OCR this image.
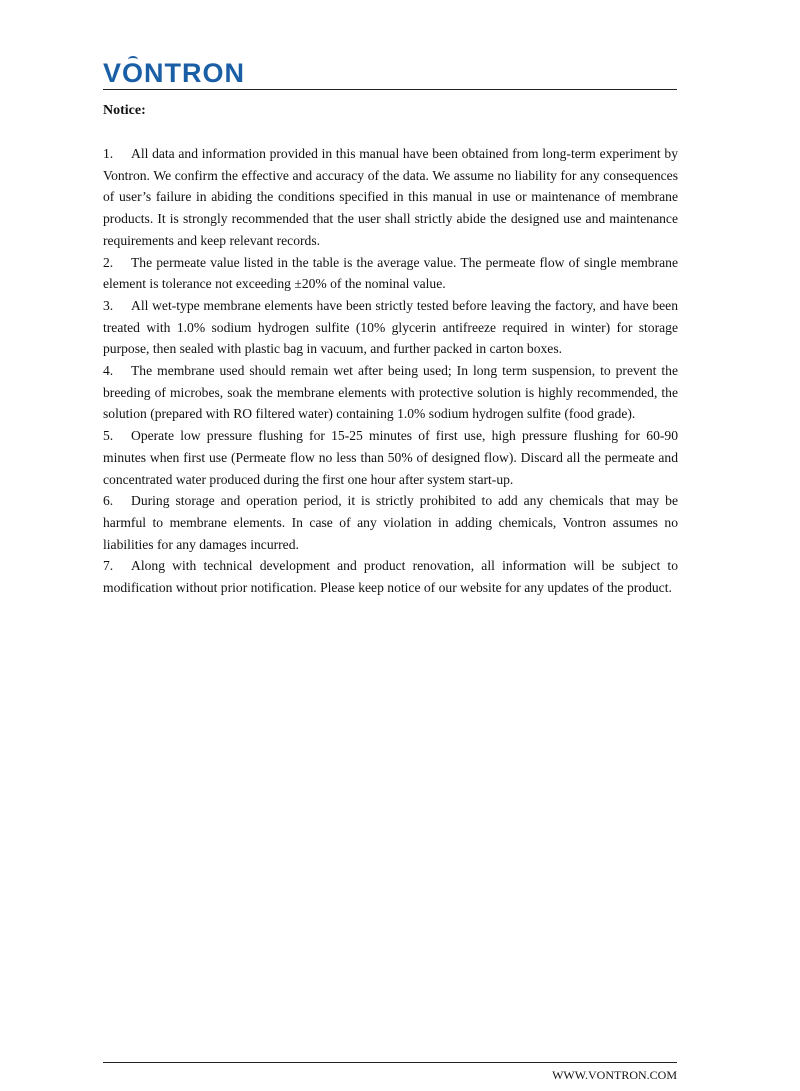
VONTRON
Notice:
1. All data and information provided in this manual have been obtained from long-term experiment by Vontron. We confirm the effective and accuracy of the data. We assume no liability for any consequences of user’s failure in abiding the conditions specified in this manual in use or maintenance of membrane products. It is strongly recommended that the user shall strictly abide the designed use and maintenance requirements and keep relevant records.
2. The permeate value listed in the table is the average value. The permeate flow of single membrane element is tolerance not exceeding ±20% of the nominal value.
3. All wet-type membrane elements have been strictly tested before leaving the factory, and have been treated with 1.0% sodium hydrogen sulfite (10% glycerin antifreeze required in winter) for storage purpose, then sealed with plastic bag in vacuum, and further packed in carton boxes.
4. The membrane used should remain wet after being used; In long term suspension, to prevent the breeding of microbes, soak the membrane elements with protective solution is highly recommended, the solution (prepared with RO filtered water) containing 1.0% sodium hydrogen sulfite (food grade).
5. Operate low pressure flushing for 15-25 minutes of first use, high pressure flushing for 60-90 minutes when first use (Permeate flow no less than 50% of designed flow). Discard all the permeate and concentrated water produced during the first one hour after system start-up.
6. During storage and operation period, it is strictly prohibited to add any chemicals that may be harmful to membrane elements. In case of any violation in adding chemicals, Vontron assumes no liabilities for any damages incurred.
7. Along with technical development and product renovation, all information will be subject to modification without prior notification. Please keep notice of our website for any updates of the product.
WWW.VONTRON.COM
